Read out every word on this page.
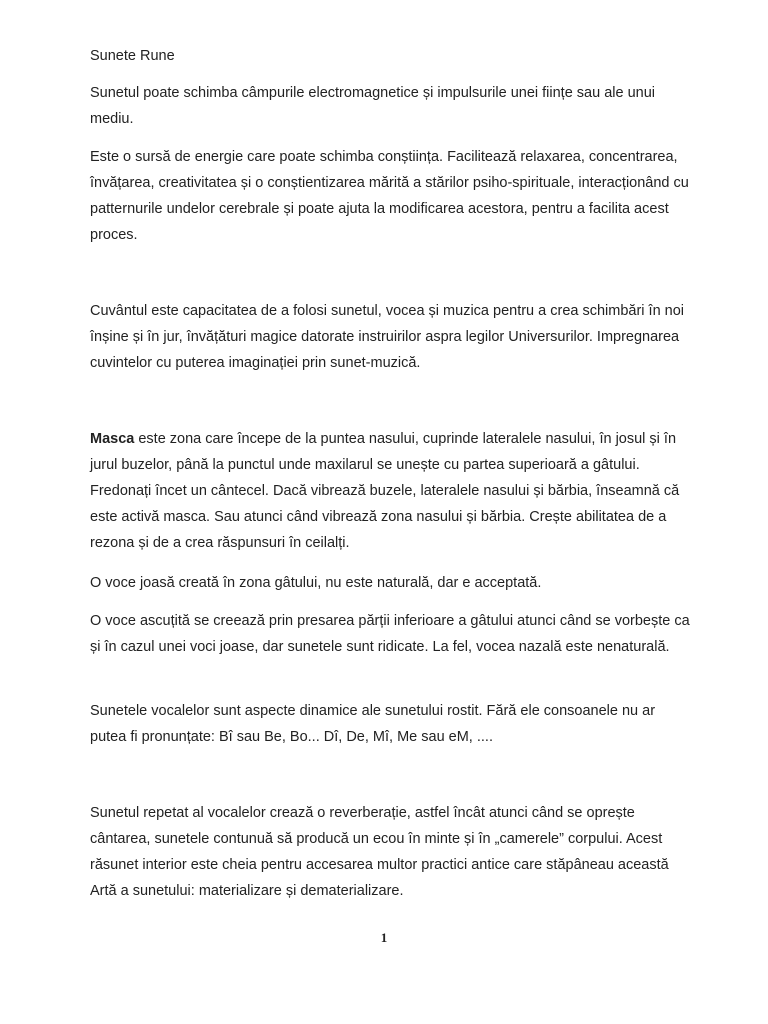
Sunete Rune

Sunetul poate schimba câmpurile electromagnetice și impulsurile unei ființe sau ale unui mediu.

Este o sursă de energie care poate schimba conștiința. Facilitează relaxarea, concentrarea, învățarea, creativitatea și o conștientizarea mărită a stărilor psiho-spirituale, interacționând cu patternurile undelor cerebrale și poate ajuta la modificarea acestora, pentru a facilita acest proces.

Cuvântul este capacitatea de a folosi sunetul, vocea și muzica pentru a crea schimbări în noi înșine și în jur, învățături magice datorate instruirilor aspra legilor Universurilor. Impregnarea cuvintelor cu puterea imaginației prin sunet-muzică.

Masca este zona care începe de la puntea nasului, cuprinde lateralele nasului, în josul și în jurul buzelor, până la punctul unde maxilarul se unește cu partea superioară a gâtului. Fredonați încet un cântecel. Dacă vibrează buzele, lateralele nasului și bărbia, înseamnă că este activă masca. Sau atunci când vibrează zona nasului și bărbia. Crește abilitatea de a rezona și de a crea răspunsuri în ceilalți.

O voce joasă creată în zona gâtului, nu este naturală, dar e acceptată.

O voce ascuțită se creează prin presarea părții inferioare a gâtului atunci când se vorbește ca și în cazul unei voci joase, dar sunetele sunt ridicate. La fel, vocea nazală este nenaturală.

Sunetele vocalelor sunt aspecte dinamice ale sunetului rostit. Fără ele consoanele nu ar putea fi pronunțate: Bî sau Be, Bo... Dî, De, Mî, Me sau eM, ....

Sunetul repetat al vocalelor crează o reverberație, astfel încât atunci când se oprește cântarea, sunetele contunuă să producă un ecou în minte și în „camerele” corpului. Acest răsunet interior este cheia pentru accesarea multor practici antice care stăpâneau această Artă a sunetului: materializare și dematerializare.

1
